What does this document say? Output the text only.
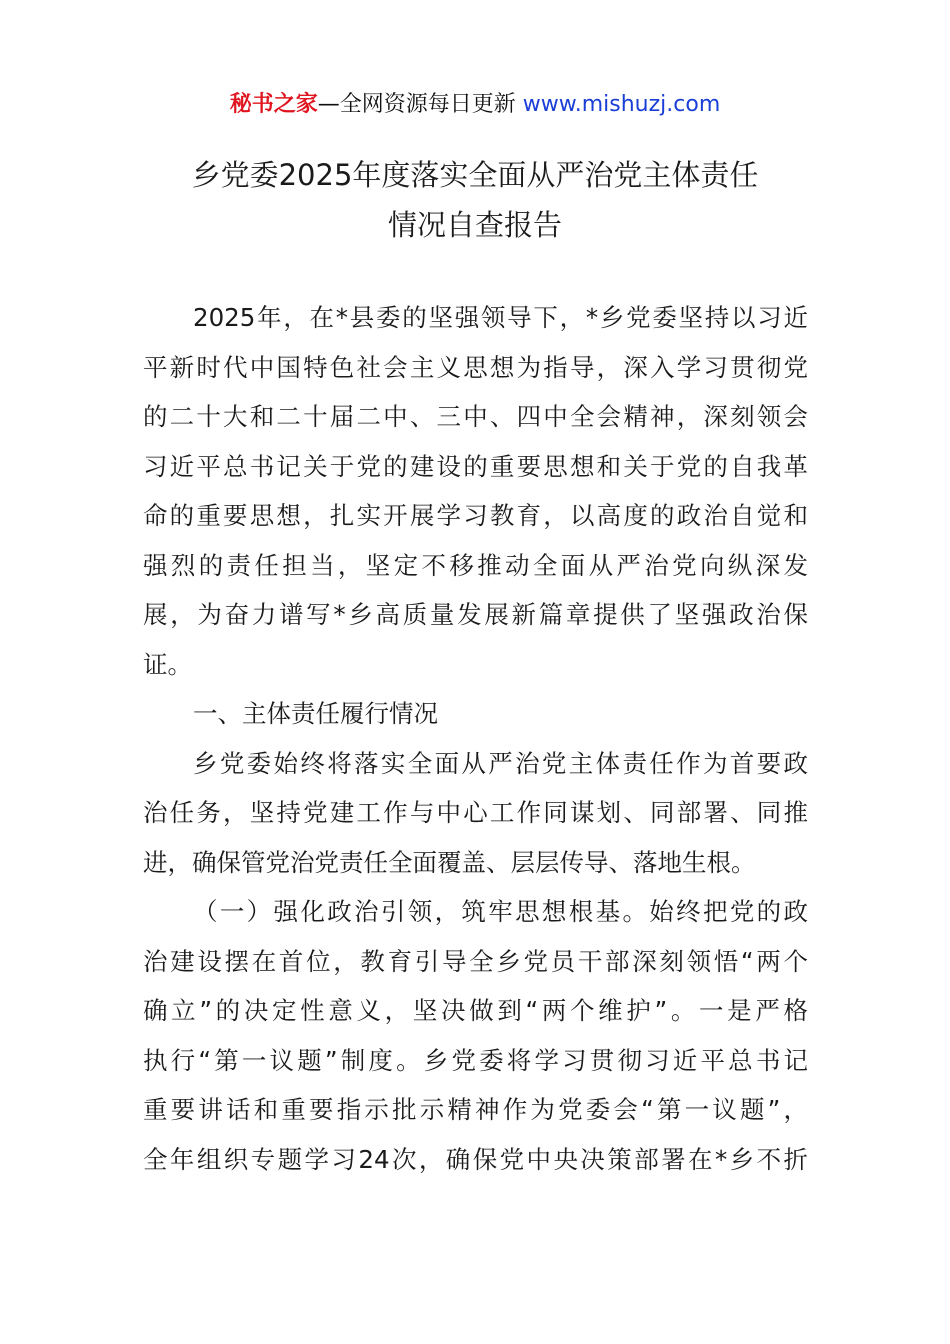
秘书之家—全网资源每日更新 www.mishuzj.com
乡党委2025年度落实全面从严治党主体责任
情况自查报告
2025年，在*县委的坚强领导下，*乡党委坚持以习近
平新时代中国特色社会主义思想为指导，深入学习贯彻党
的二十大和二十届二中、三中、四中全会精神，深刻领会
习近平总书记关于党的建设的重要思想和关于党的自我革
命的重要思想，扎实开展学习教育，以高度的政治自觉和
强烈的责任担当，坚定不移推动全面从严治党向纵深发
展，为奋力谱写*乡高质量发展新篇章提供了坚强政治保
证。
一、主体责任履行情况
乡党委始终将落实全面从严治党主体责任作为首要政
治任务，坚持党建工作与中心工作同谋划、同部署、同推
进，确保管党治党责任全面覆盖、层层传导、落地生根。
（一）强化政治引领，筑牢思想根基。始终把党的政
治建设摆在首位，教育引导全乡党员干部深刻领悟“两个
确立”的决定性意义，坚决做到“两个维护”。一是严格
执行“第一议题”制度。乡党委将学习贯彻习近平总书记
重要讲话和重要指示批示精神作为党委会“第一议题”，
全年组织专题学习24次，确保党中央决策部署在*乡不折
